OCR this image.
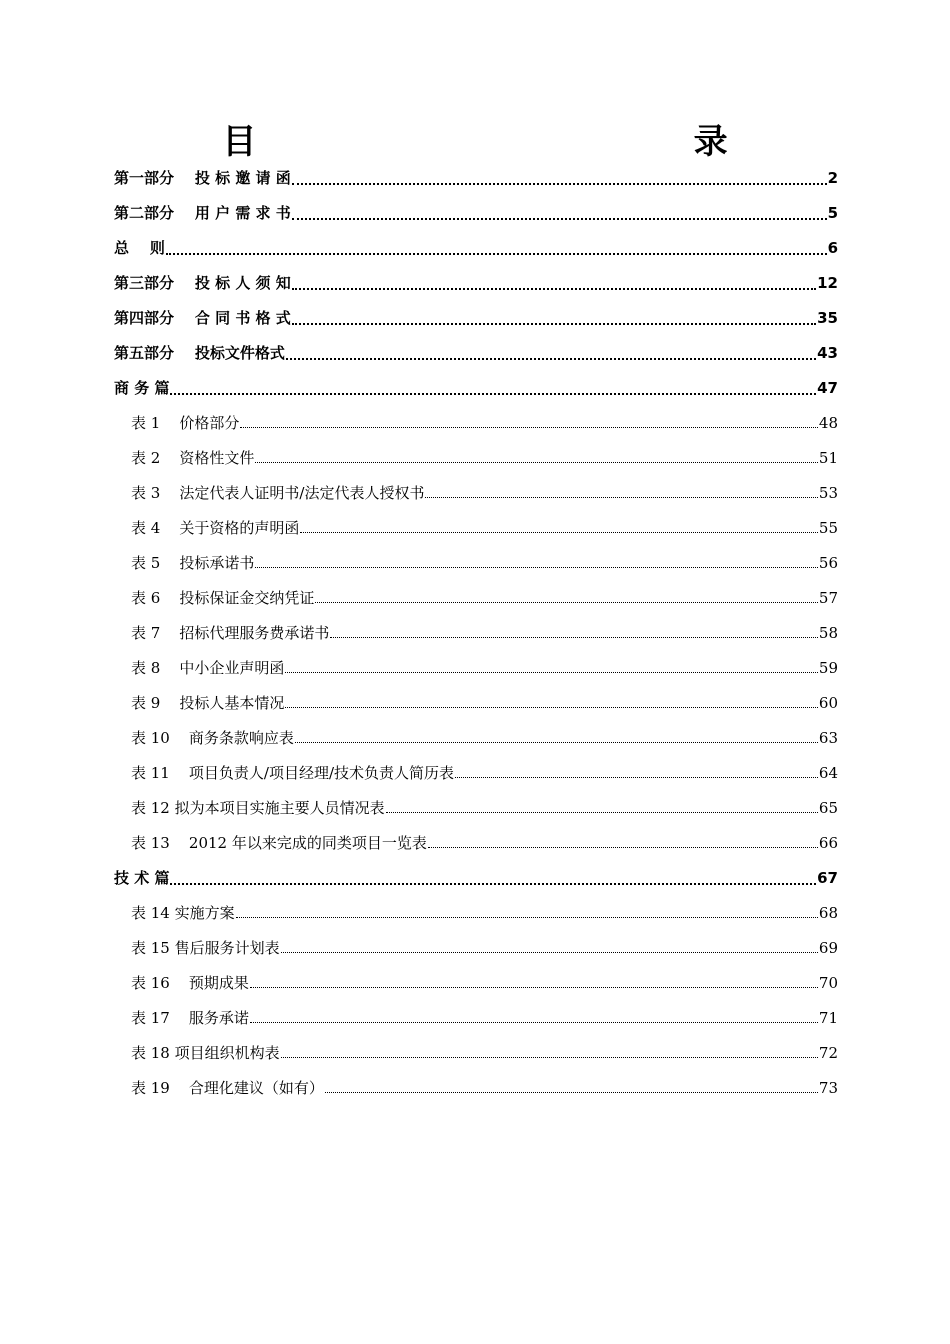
目    录
第一部分    投 标 邀 请 函	2
第二部分    用 户 需 求 书	5
总    则	6
第三部分    投 标 人 须 知	12
第四部分    合 同 书 格 式	35
第五部分    投标文件格式	43
商 务 篇	47
表 1    价格部分	48
表 2    资格性文件	51
表 3    法定代表人证明书/法定代表人授权书	53
表 4    关于资格的声明函	55
表 5    投标承诺书	56
表 6    投标保证金交纳凭证	57
表 7    招标代理服务费承诺书	58
表 8    中小企业声明函	59
表 9    投标人基本情况	60
表 10    商务条款响应表	63
表 11    项目负责人/项目经理/技术负责人简历表	64
表 12 拟为本项目实施主要人员情况表	65
表 13    2012 年以来完成的同类项目一览表	66
技 术 篇	67
表 14 实施方案	68
表 15 售后服务计划表	69
表 16    预期成果	70
表 17    服务承诺	71
表 18 项目组织机构表	72
表 19    合理化建议（如有）	73
